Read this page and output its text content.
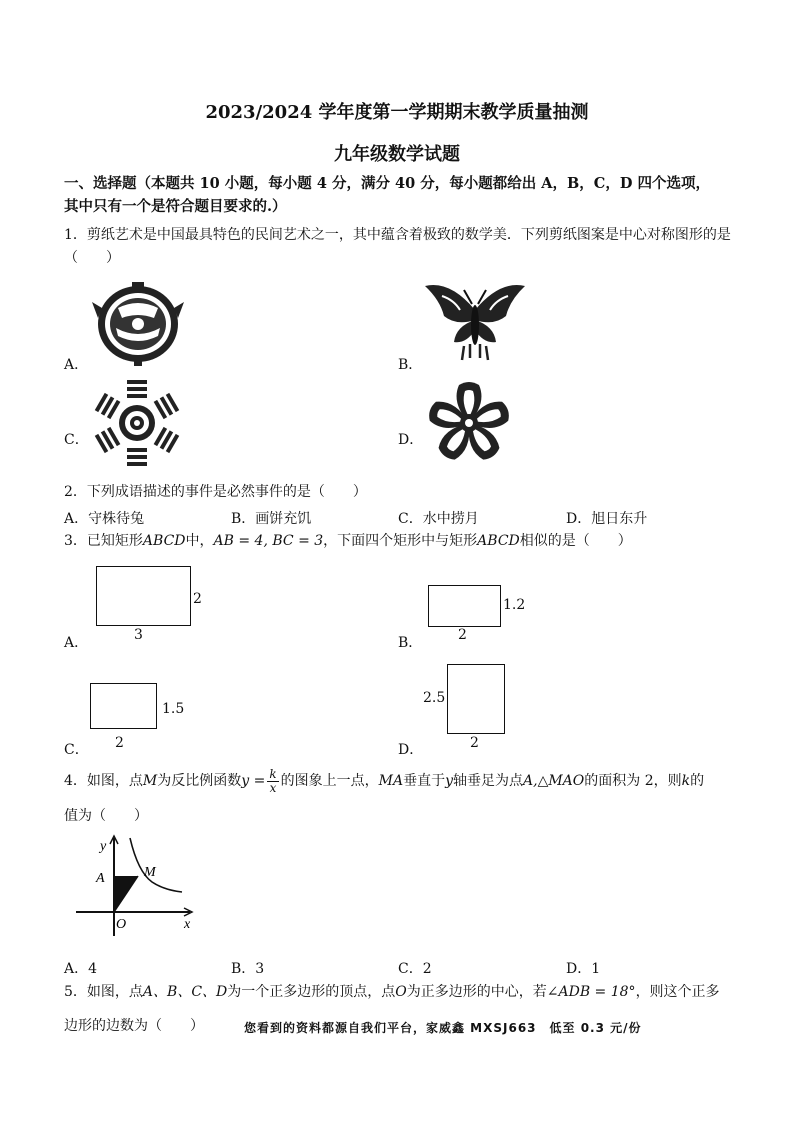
2023/2024 学年度第一学期期末教学质量抽测
九年级数学试题
一、选择题（本题共 10 小题，每小题 4 分，满分 40 分，每小题都给出 A，B，C，D 四个选项，
其中只有一个是符合题目要求的.）
1．剪纸艺术是中国最具特色的民间艺术之一，其中蕴含着极致的数学美．下列剪纸图案是中心对称图形的是
（　　）
A．	B．
C．	D．
2．下列成语描述的事件是必然事件的是（　　）
A．守株待兔	B．画饼充饥	C．水中捞月	D．旭日东升
3．已知矩形ABCD中，AB = 4, BC = 3，下面四个矩形中与矩形ABCD相似的是（　　）
2
3
A．
1.2
2
B．
1.5
2
C．
2.5
2
D．
4．如图，点M为反比例函数$y = \frac{k}{x}$ 的图象上一点，MA垂直于y轴垂足为点A,△MAO的面积为 2，则k的
值为（　　）
y
x
A	M
O
A．4	B．3	C．2	D．1
5．如图，点A、B、C、D为一个正多边形的顶点，点O为正多边形的中心，若∠ADB = 18°，则这个正多
边形的边数为（　　）	您看到的资料都源自我们平台，家威鑫 MXSJ663　低至 0.3 元/份
